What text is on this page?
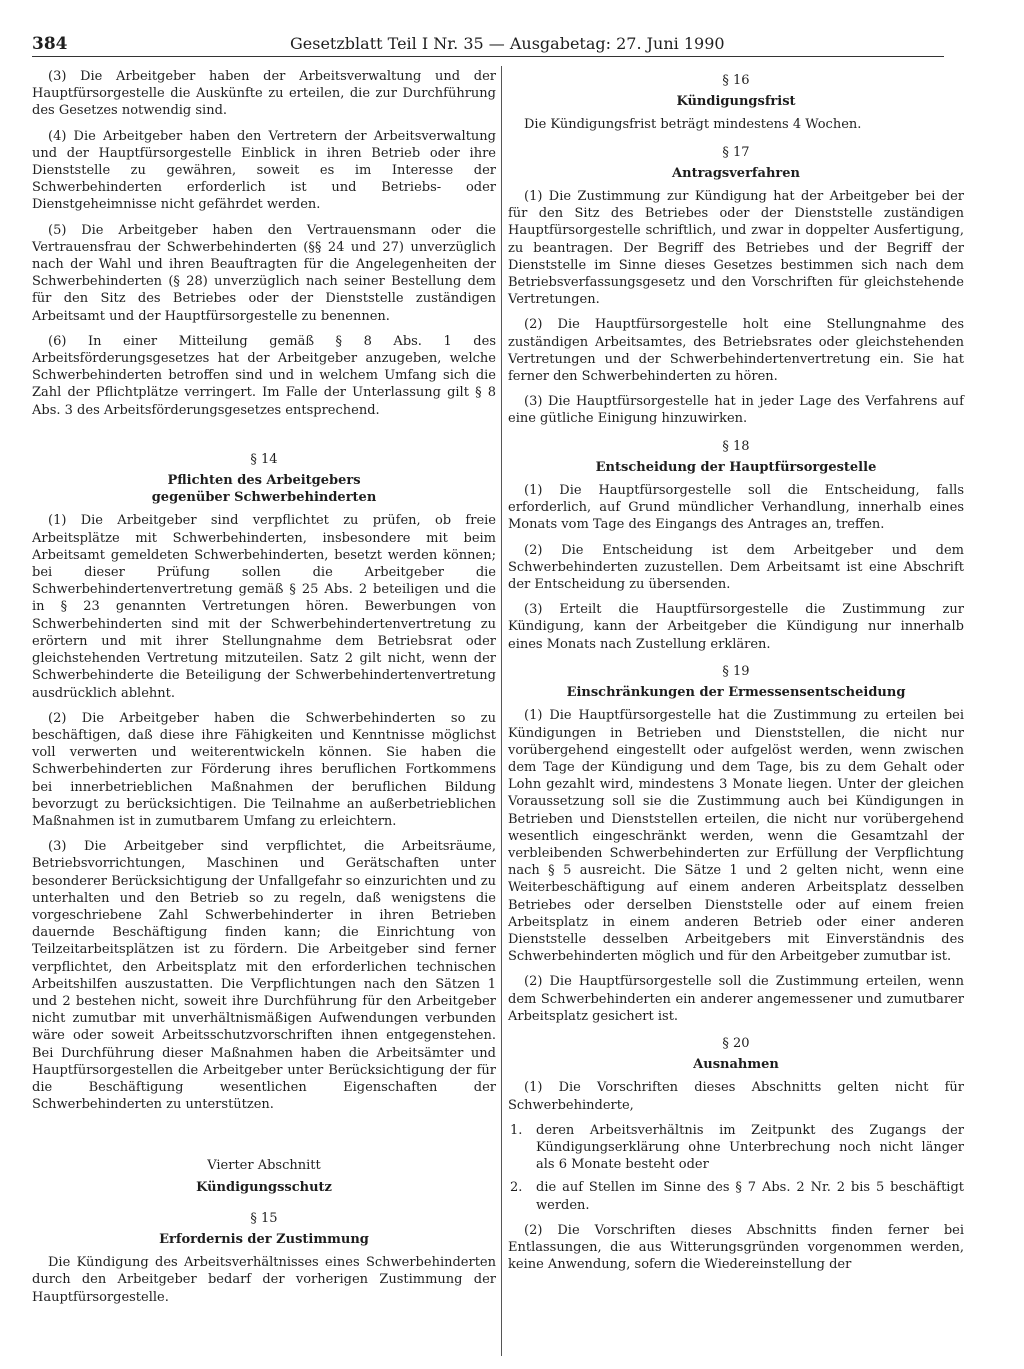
384	Gesetzblatt Teil I Nr. 35 — Ausgabetag: 27. Juni 1990

(3) Die Arbeitgeber haben der Arbeitsverwaltung und der Hauptfürsorgestelle die Auskünfte zu erteilen, die zur Durchführung des Gesetzes notwendig sind.

(4) Die Arbeitgeber haben den Vertretern der Arbeitsverwaltung und der Hauptfürsorgestelle Einblick in ihren Betrieb oder ihre Dienststelle zu gewähren, soweit es im Interesse der Schwerbehinderten erforderlich ist und Betriebs- oder Dienstgeheimnisse nicht gefährdet werden.

(5) Die Arbeitgeber haben den Vertrauensmann oder die Vertrauensfrau der Schwerbehinderten (§§ 24 und 27) unverzüglich nach der Wahl und ihren Beauftragten für die Angelegenheiten der Schwerbehinderten (§ 28) unverzüglich nach seiner Bestellung dem für den Sitz des Betriebes oder der Dienststelle zuständigen Arbeitsamt und der Hauptfürsorgestelle zu benennen.

(6) In einer Mitteilung gemäß § 8 Abs. 1 des Arbeitsförderungsgesetzes hat der Arbeitgeber anzugeben, welche Schwerbehinderten betroffen sind und in welchem Umfang sich die Zahl der Pflichtplätze verringert. Im Falle der Unterlassung gilt § 8 Abs. 3 des Arbeitsförderungsgesetzes entsprechend.

§ 14
Pflichten des Arbeitgebers gegenüber Schwerbehinderten

(1) Die Arbeitgeber sind verpflichtet zu prüfen, ob freie Arbeitsplätze mit Schwerbehinderten, insbesondere mit beim Arbeitsamt gemeldeten Schwerbehinderten, besetzt werden können; bei dieser Prüfung sollen die Arbeitgeber die Schwerbehindertenvertretung gemäß § 25 Abs. 2 beteiligen und die in § 23 genannten Vertretungen hören. Bewerbungen von Schwerbehinderten sind mit der Schwerbehindertenvertretung zu erörtern und mit ihrer Stellungnahme dem Betriebsrat oder gleichstehenden Vertretung mitzuteilen. Satz 2 gilt nicht, wenn der Schwerbehinderte die Beteiligung der Schwerbehindertenvertretung ausdrücklich ablehnt.

(2) Die Arbeitgeber haben die Schwerbehinderten so zu beschäftigen, daß diese ihre Fähigkeiten und Kenntnisse möglichst voll verwerten und weiterentwickeln können. Sie haben die Schwerbehinderten zur Förderung ihres beruflichen Fortkommens bei innerbetrieblichen Maßnahmen der beruflichen Bildung bevorzugt zu berücksichtigen. Die Teilnahme an außerbetrieblichen Maßnahmen ist in zumutbarem Umfang zu erleichtern.

(3) Die Arbeitgeber sind verpflichtet, die Arbeitsräume, Betriebsvorrichtungen, Maschinen und Gerätschaften unter besonderer Berücksichtigung der Unfallgefahr so einzurichten und zu unterhalten und den Betrieb so zu regeln, daß wenigstens die vorgeschriebene Zahl Schwerbehinderter in ihren Betrieben dauernde Beschäftigung finden kann; die Einrichtung von Teilzeitarbeitsplätzen ist zu fördern. Die Arbeitgeber sind ferner verpflichtet, den Arbeitsplatz mit den erforderlichen technischen Arbeitshilfen auszustatten. Die Verpflichtungen nach den Sätzen 1 und 2 bestehen nicht, soweit ihre Durchführung für den Arbeitgeber nicht zumutbar mit unverhältnismäßigen Aufwendungen verbunden wäre oder soweit Arbeitsschutzvorschriften ihnen entgegenstehen. Bei Durchführung dieser Maßnahmen haben die Arbeitsämter und Hauptfürsorgestellen die Arbeitgeber unter Berücksichtigung der für die Beschäftigung wesentlichen Eigenschaften der Schwerbehinderten zu unterstützen.

Vierter Abschnitt
Kündigungsschutz
§ 15
Erfordernis der Zustimmung

Die Kündigung des Arbeitsverhältnisses eines Schwerbehinderten durch den Arbeitgeber bedarf der vorherigen Zustimmung der Hauptfürsorgestelle.

§ 16
Kündigungsfrist

Die Kündigungsfrist beträgt mindestens 4 Wochen.

§ 17
Antragsverfahren

(1) Die Zustimmung zur Kündigung hat der Arbeitgeber bei der für den Sitz des Betriebes oder der Dienststelle zuständigen Hauptfürsorgestelle schriftlich, und zwar in doppelter Ausfertigung, zu beantragen. Der Begriff des Betriebes und der Begriff der Dienststelle im Sinne dieses Gesetzes bestimmen sich nach dem Betriebsverfassungsgesetz und den Vorschriften für gleichstehende Vertretungen.

(2) Die Hauptfürsorgestelle holt eine Stellungnahme des zuständigen Arbeitsamtes, des Betriebsrates oder gleichstehenden Vertretungen und der Schwerbehindertenvertretung ein. Sie hat ferner den Schwerbehinderten zu hören.

(3) Die Hauptfürsorgestelle hat in jeder Lage des Verfahrens auf eine gütliche Einigung hinzuwirken.

§ 18
Entscheidung der Hauptfürsorgestelle

(1) Die Hauptfürsorgestelle soll die Entscheidung, falls erforderlich, auf Grund mündlicher Verhandlung, innerhalb eines Monats vom Tage des Eingangs des Antrages an, treffen.

(2) Die Entscheidung ist dem Arbeitgeber und dem Schwerbehinderten zuzustellen. Dem Arbeitsamt ist eine Abschrift der Entscheidung zu übersenden.

(3) Erteilt die Hauptfürsorgestelle die Zustimmung zur Kündigung, kann der Arbeitgeber die Kündigung nur innerhalb eines Monats nach Zustellung erklären.

§ 19
Einschränkungen der Ermessensentscheidung

(1) Die Hauptfürsorgestelle hat die Zustimmung zu erteilen bei Kündigungen in Betrieben und Dienststellen, die nicht nur vorübergehend eingestellt oder aufgelöst werden, wenn zwischen dem Tage der Kündigung und dem Tage, bis zu dem Gehalt oder Lohn gezahlt wird, mindestens 3 Monate liegen. Unter der gleichen Voraussetzung soll sie die Zustimmung auch bei Kündigungen in Betrieben und Dienststellen erteilen, die nicht nur vorübergehend wesentlich eingeschränkt werden, wenn die Gesamtzahl der verbleibenden Schwerbehinderten zur Erfüllung der Verpflichtung nach § 5 ausreicht. Die Sätze 1 und 2 gelten nicht, wenn eine Weiterbeschäftigung auf einem anderen Arbeitsplatz desselben Betriebes oder derselben Dienststelle oder auf einem freien Arbeitsplatz in einem anderen Betrieb oder einer anderen Dienststelle desselben Arbeitgebers mit Einverständnis des Schwerbehinderten möglich und für den Arbeitgeber zumutbar ist.

(2) Die Hauptfürsorgestelle soll die Zustimmung erteilen, wenn dem Schwerbehinderten ein anderer angemessener und zumutbarer Arbeitsplatz gesichert ist.

§ 20
Ausnahmen

(1) Die Vorschriften dieses Abschnitts gelten nicht für Schwerbehinderte,

1.	deren Arbeitsverhältnis im Zeitpunkt des Zugangs der Kündigungserklärung ohne Unterbrechung noch nicht länger als 6 Monate besteht oder
2.	die auf Stellen im Sinne des § 7 Abs. 2 Nr. 2 bis 5 beschäftigt werden.

(2) Die Vorschriften dieses Abschnitts finden ferner bei Entlassungen, die aus Witterungsgründen vorgenommen werden, keine Anwendung, sofern die Wiedereinstellung der
